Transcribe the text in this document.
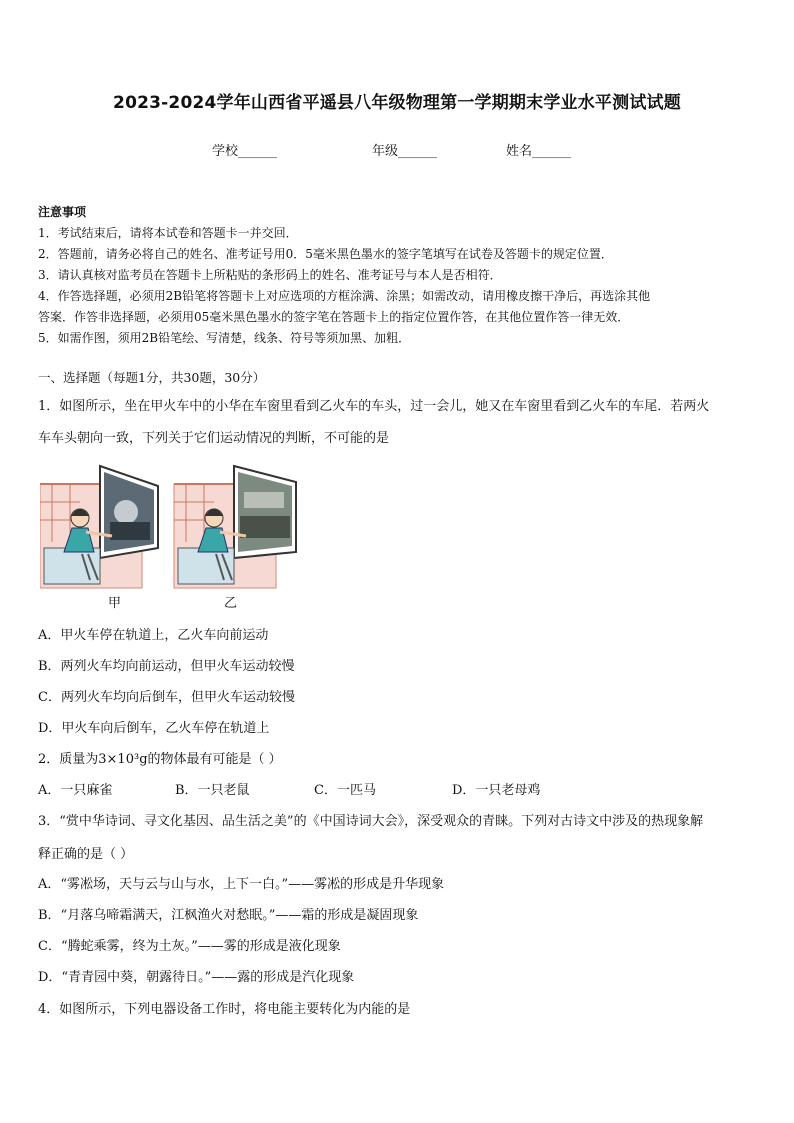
2023-2024学年山西省平遥县八年级物理第一学期期末学业水平测试试题
学校______	年级______	姓名______
注意事项
1．考试结束后，请将本试卷和答题卡一并交回．
2．答题前，请务必将自己的姓名、准考证号用0．5毫米黑色墨水的签字笔填写在试卷及答题卡的规定位置．
3．请认真核对监考员在答题卡上所粘贴的条形码上的姓名、准考证号与本人是否相符．
4．作答选择题，必须用2B铅笔将答题卡上对应选项的方框涂满、涂黑；如需改动，请用橡皮擦干净后，再选涂其他
答案．作答非选择题，必须用05毫米黑色墨水的签字笔在答题卡上的指定位置作答，在其他位置作答一律无效．
5．如需作图，须用2B铅笔绘、写清楚，线条、符号等须加黑、加粗．
一、选择题（每题1分，共30题，30分）
1．如图所示，坐在甲火车中的小华在车窗里看到乙火车的车头，过一会儿，她又在车窗里看到乙火车的车尾．若两火
车车头朝向一致，下列关于它们运动情况的判断，不可能的是
甲	乙
A．甲火车停在轨道上，乙火车向前运动
B．两列火车均向前运动，但甲火车运动较慢
C．两列火车均向后倒车，但甲火车运动较慢
D．甲火车向后倒车，乙火车停在轨道上
2．质量为3×10³g的物体最有可能是（ ）
A．一只麻雀	B．一只老鼠	C．一匹马	D．一只老母鸡
3．“赏中华诗词、寻文化基因、品生活之美”的《中国诗词大会》，深受观众的青睐。下列对古诗文中涉及的热现象解
释正确的是（ ）
A．“雾凇场，天与云与山与水，上下一白。”——雾凇的形成是升华现象
B．“月落乌啼霜满天，江枫渔火对愁眠。”——霜的形成是凝固现象
C．“腾蛇乘雾，终为土灰。”——雾的形成是液化现象
D．“青青园中葵，朝露待日。”——露的形成是汽化现象
4．如图所示，下列电器设备工作时，将电能主要转化为内能的是
